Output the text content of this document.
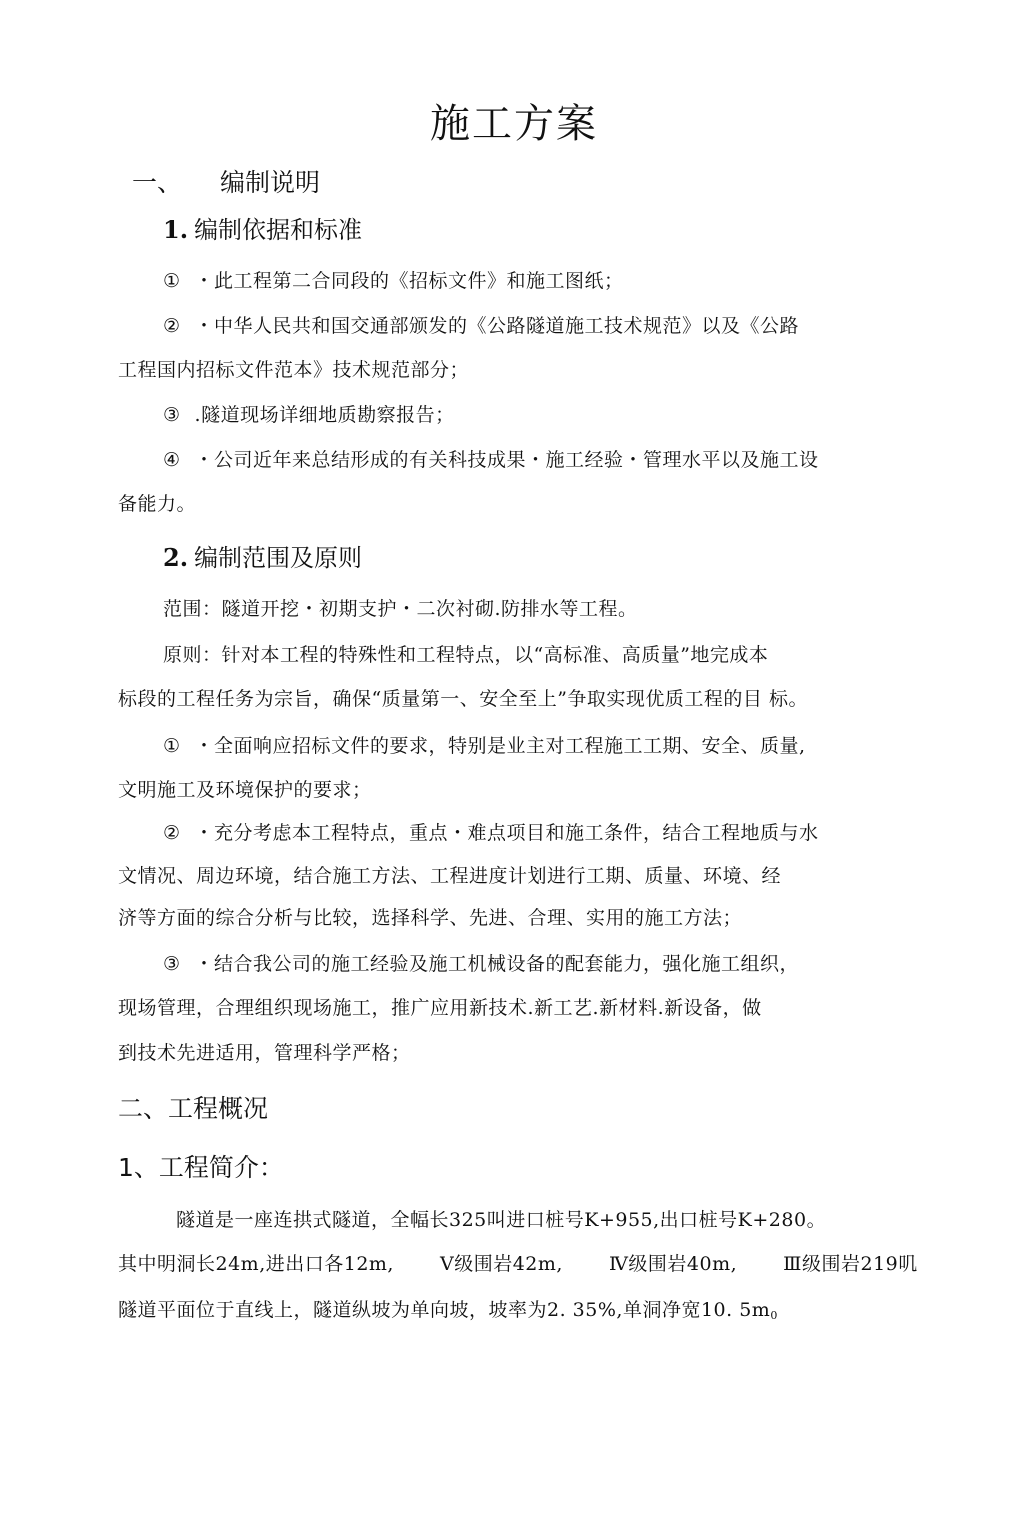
施工方案
一、 编制说明
1. 编制依据和标准
① ・此工程第二合同段的《招标文件》和施工图纸；
② ・中华人民共和国交通部颁发的《公路隧道施工技术规范》以及《公路
工程国内招标文件范本》技术规范部分；
③ .隧道现场详细地质勘察报告；
④ ・公司近年来总结形成的有关科技成果・施工经验・管理水平以及施工设
备能力。
2. 编制范围及原则
范围：隧道开挖・初期支护・二次衬砌.防排水等工程。
原则：针对本工程的特殊性和工程特点，以“高标准、高质量”地完成本
标段的工程任务为宗旨，确保“质量第一、安全至上”争取实现优质工程的目 标。
① ・全面响应招标文件的要求，特别是业主对工程施工工期、安全、质量,
文明施工及环境保护的要求；
② ・充分考虑本工程特点，重点・难点项目和施工条件，结合工程地质与水
文情况、周边环境，结合施工方法、工程进度计划进行工期、质量、环境、经
济等方面的综合分析与比较，选择科学、先进、合理、实用的施工方法；
③ ・结合我公司的施工经验及施工机械设备的配套能力，强化施工组织，
现场管理，合理组织现场施工，推广应用新技术.新工艺.新材料.新设备，做
到技术先进适用，管理科学严格；
二、工程概况
1、工程简介：
隧道是一座连拱式隧道，全幅长325叫进口桩号K+955,出口桩号K+280。
其中明洞长24m,进出口各12m, V级围岩42m, Ⅳ级围岩40m, Ⅲ级围岩219叽
隧道平面位于直线上，隧道纵坡为单向坡，坡率为2. 35%,单洞净宽10. $5m_0$
